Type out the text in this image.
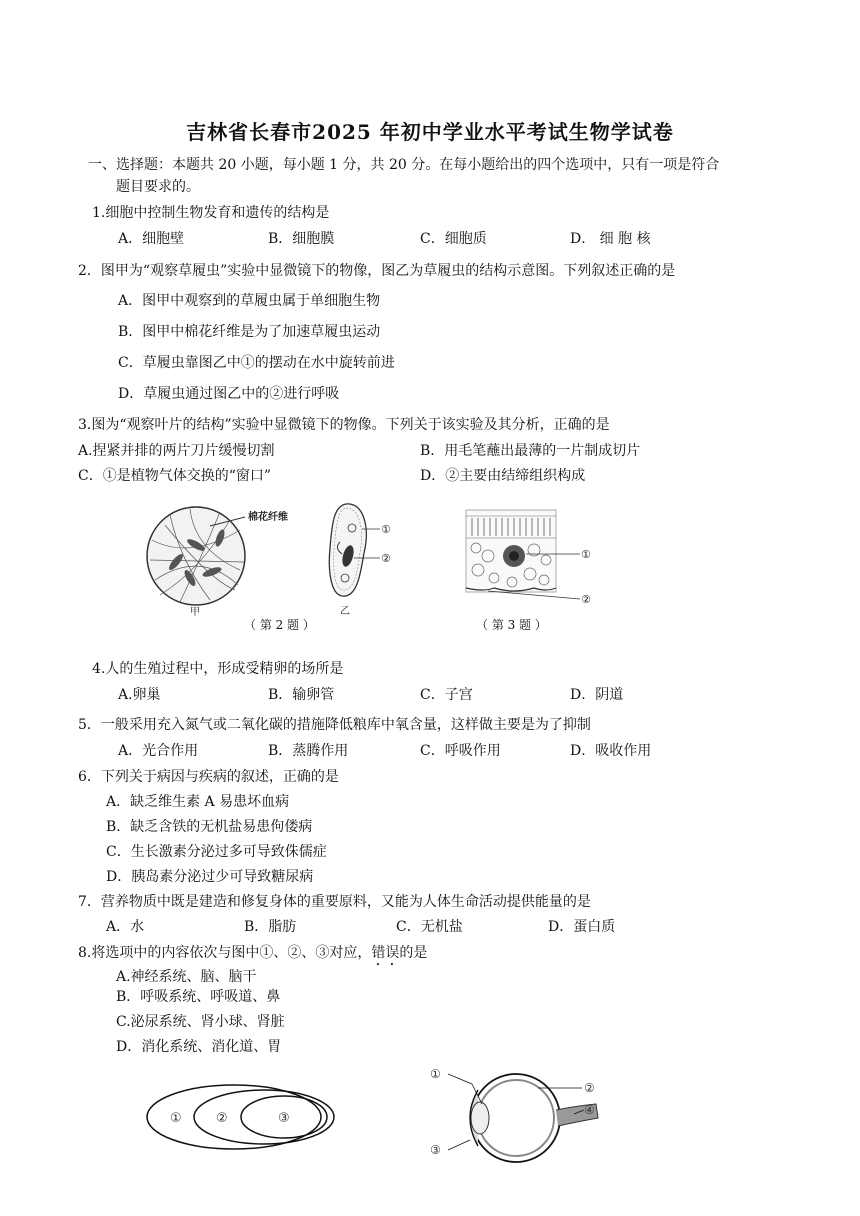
吉林省长春市2025 年初中学业水平考试生物学试卷
一、选择题：本题共 20 小题，每小题 1 分，共 20 分。在每小题给出的四个选项中，只有一项是符合
题目要求的。
1.细胞中控制生物发育和遗传的结构是
A．细胞壁	B．细胞膜	C．细胞质	D． 细 胞 核
2．图甲为“观察草履虫”实验中显微镜下的物像，图乙为草履虫的结构示意图。下列叙述正确的是
A．图甲中观察到的草履虫属于单细胞生物
B．图甲中棉花纤维是为了加速草履虫运动
C．草履虫靠图乙中①的摆动在水中旋转前进
D．草履虫通过图乙中的②进行呼吸
3.图为“观察叶片的结构”实验中显微镜下的物像。下列关于该实验及其分析，正确的是
A.捏紧并排的两片刀片缓慢切割	B．用毛笔蘸出最薄的一片制成切片
C．①是植物气体交换的“窗口”	D．②主要由结缔组织构成
棉花纤维
甲
①
②
乙
（ 第 2 题 ）
①
②
（ 第 3 题 ）
4.人的生殖过程中，形成受精卵的场所是
A.卵巢	B．输卵管	C．子宫	D．阴道
5．一般采用充入氮气或二氧化碳的措施降低粮库中氧含量，这样做主要是为了抑制
A．光合作用	B．蒸腾作用	C．呼吸作用	D．吸收作用
6．下列关于病因与疾病的叙述，正确的是
A．缺乏维生素 A 易患坏血病
B．缺乏含铁的无机盐易患佝偻病
C．生长激素分泌过多可导致侏儒症
D．胰岛素分泌过少可导致糖尿病
7．营养物质中既是建造和修复身体的重要原料，又能为人体生命活动提供能量的是
A．水	B．脂肪	C．无机盐	D．蛋白质
8.将选项中的内容依次与图中①、②、③对应，错误的是
A.神经系统、脑、脑干
B．呼吸系统、呼吸道、鼻
C.泌尿系统、肾小球、肾脏
D．消化系统、消化道、胃
①	②	③
①
②
④
③
